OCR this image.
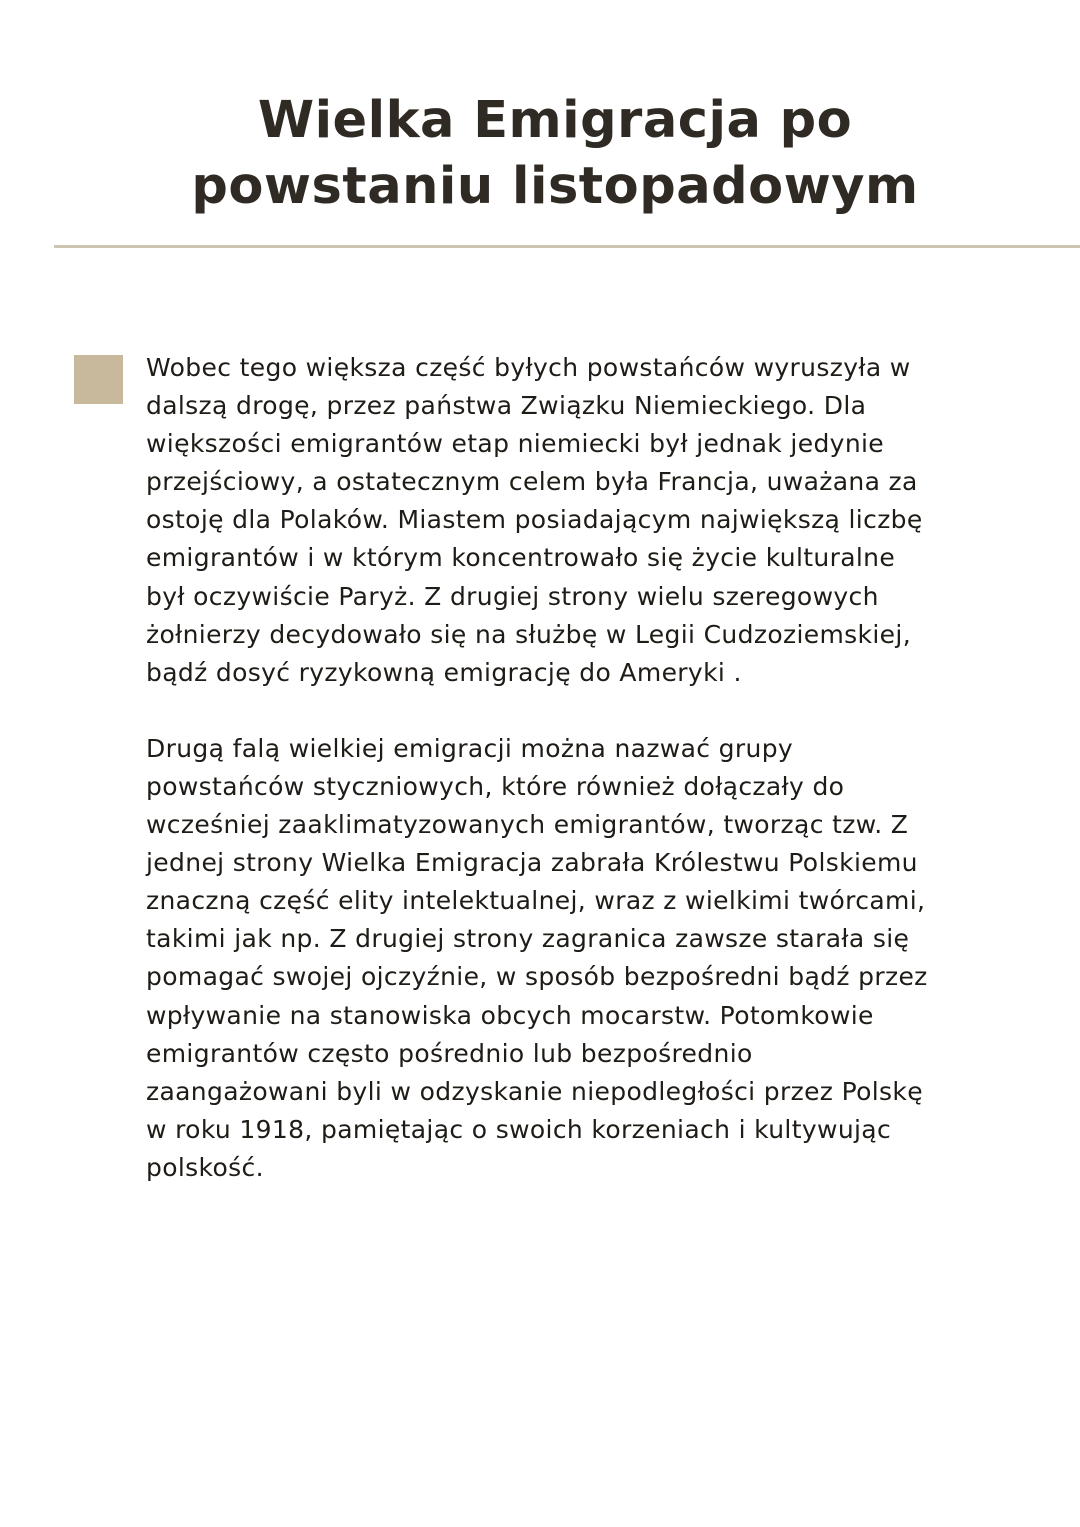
Wielka Emigracja po
powstaniu listopadowym

Wobec tego większa część byłych powstańców wyruszyła w
dalszą drogę, przez państwa Związku Niemieckiego. Dla
większości emigrantów etap niemiecki był jednak jedynie
przejściowy, a ostatecznym celem była Francja, uważana za
ostoję dla Polaków. Miastem posiadającym największą liczbę
emigrantów i w którym koncentrowało się życie kulturalne
był oczywiście Paryż. Z drugiej strony wielu szeregowych
żołnierzy decydowało się na służbę w Legii Cudzoziemskiej,
bądź dosyć ryzykowną emigrację do Ameryki .

Drugą falą wielkiej emigracji można nazwać grupy
powstańców styczniowych, które również dołączały do
wcześniej zaaklimatyzowanych emigrantów, tworząc tzw. Z
jednej strony Wielka Emigracja zabrała Królestwu Polskiemu
znaczną część elity intelektualnej, wraz z wielkimi twórcami,
takimi jak np. Z drugiej strony zagranica zawsze starała się
pomagać swojej ojczyźnie, w sposób bezpośredni bądź przez
wpływanie na stanowiska obcych mocarstw. Potomkowie
emigrantów często pośrednio lub bezpośrednio
zaangażowani byli w odzyskanie niepodległości przez Polskę
w roku 1918, pamiętając o swoich korzeniach i kultywując
polskość.
